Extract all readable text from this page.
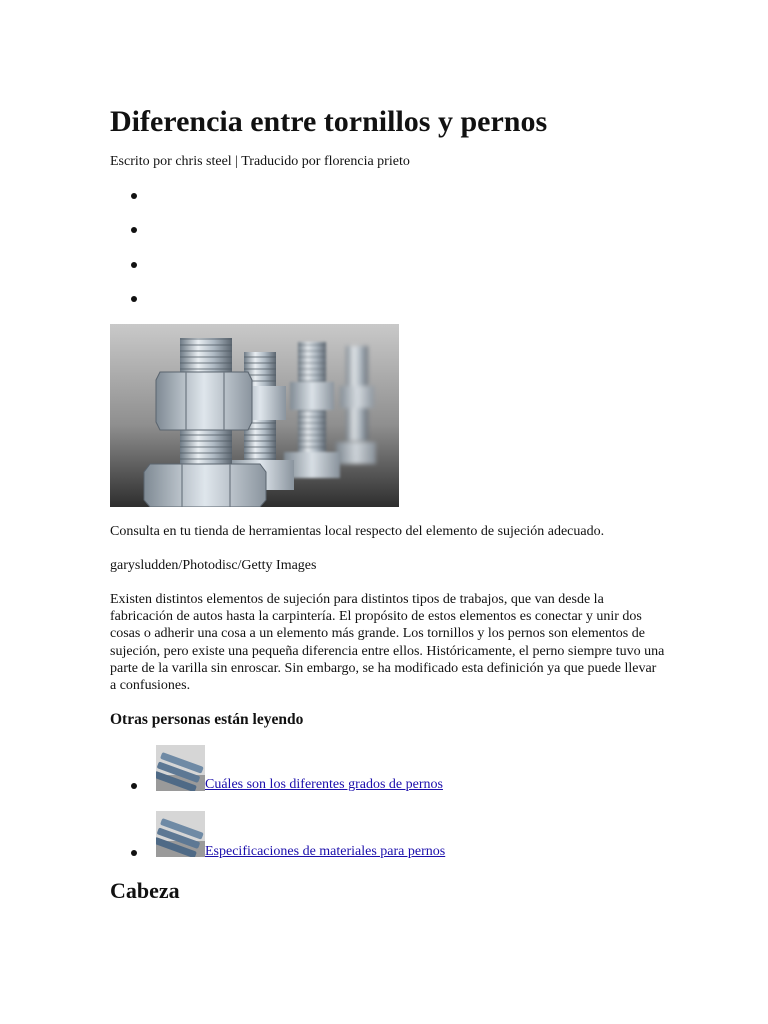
Diferencia entre tornillos y pernos

Escrito por chris steel | Traducido por florencia prieto

Consulta en tu tienda de herramientas local respecto del elemento de sujeción adecuado.

garysludden/Photodisc/Getty Images

Existen distintos elementos de sujeción para distintos tipos de trabajos, que van desde la fabricación de autos hasta la carpintería. El propósito de estos elementos es conectar y unir dos cosas o adherir una cosa a un elemento más grande. Los tornillos y los pernos son elementos de sujeción, pero existe una pequeña diferencia entre ellos. Históricamente, el perno siempre tuvo una parte de la varilla sin enroscar. Sin embargo, se ha modificado esta definición ya que puede llevar a confusiones.

Otras personas están leyendo
Cuáles son los diferentes grados de pernos
Especificaciones de materiales para pernos
Cabeza
